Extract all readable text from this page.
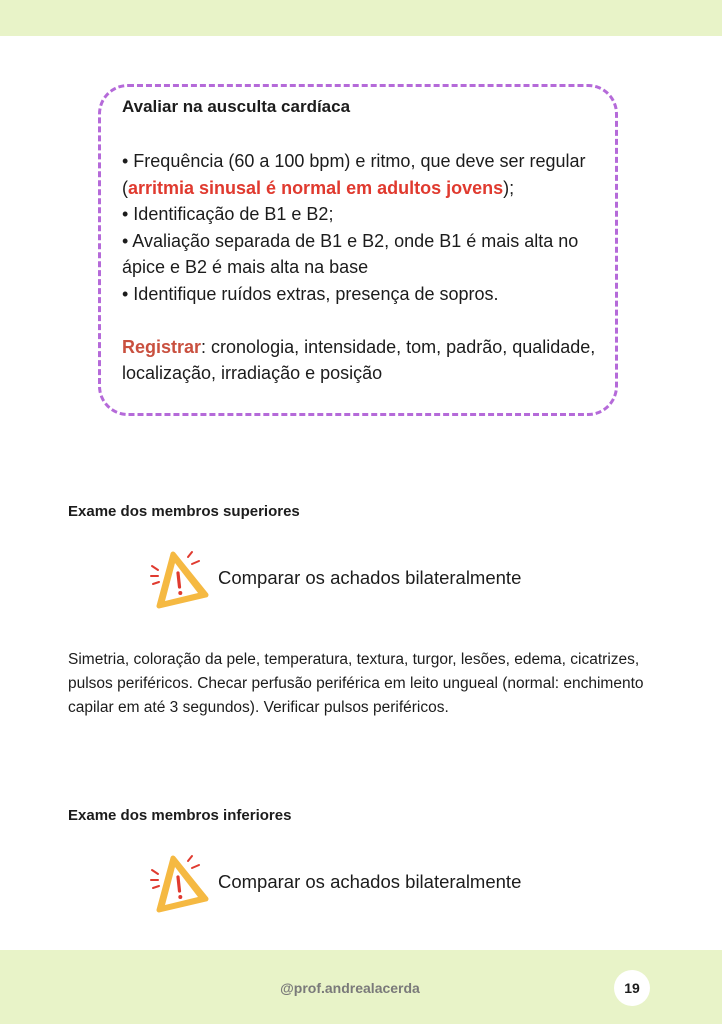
Avaliar na ausculta cardíaca

• Frequência (60 a 100 bpm) e ritmo, que deve ser regular (arritmia sinusal é normal em adultos jovens);

• Identificação de B1 e B2;

• Avaliação separada de B1 e B2, onde B1 é mais alta no ápice e B2 é mais alta na base

• Identifique ruídos extras, presença de sopros.

Registrar: cronologia, intensidade, tom, padrão, qualidade, localização, irradiação e posição

Exame dos membros superiores
Comparar os achados bilateralmente
Simetria, coloração da pele, temperatura, textura, turgor, lesões, edema, cicatrizes, pulsos periféricos. Checar perfusão periférica em leito ungueal (normal: enchimento capilar em até 3 segundos). Verificar pulsos periféricos.
Exame dos membros inferiores
Comparar os achados bilateralmente
@prof.andrealacerda	19
